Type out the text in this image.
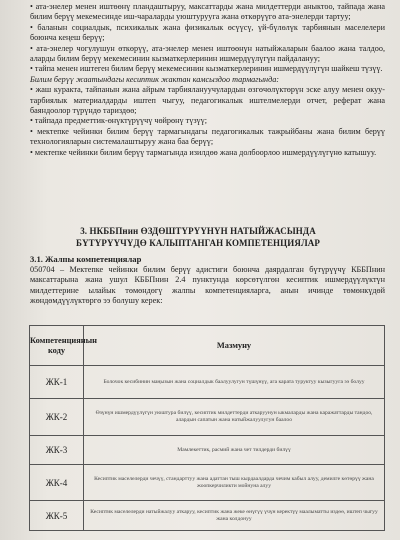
• ата-энелер менен иштөөнү пландаштыруу, максаттарды жана милдеттерди аныктоо, тайпада жана билим берүү мекемесинде иш-чараларды уюштурууга жана өткөрүүгө ата-энелерди тартуу;

• баланын социалдык, психикалык жана физикалык өсүүсү, үй-бүлөлүк тарбиянын маселелери боюнча кеңеш берүү;

• ата-энелер чогулушун өткөрүү, ата-энелер менен иштөөнүн натыйжаларын баалоо жана талдоо, аларды билим берүү мекемесинин кызматкерлеринин ишмердүүлүгүн пайдалануу;

• тайпа менен иштеген билим берүү мекемесинин кызматкерлеринин ишмердүүлүгүн шайкеш түзүү.

Билим берүү жаатындагы кесиптик жактан камсыздоо тармагында:

• жаш куракта, тайпанын жана айрым тарбиялануучулардын өзгөчөлүктөрүн эске алуу менен окуу-тарбиялык материалдарды иштеп чыгуу, педагогикалык иштелмелерди отчет, реферат жана баяндоолор түрүндө тариздөө;

• тайпада предметтик-өнүктүрүүчү чөйрөнү түзүү;

• мектепке чейинки билим берүү тармагындагы педагогикалык тажрыйбаны жана билим берүү технологияларын системалаштыруу жана баа берүү;

• мектепке чейинки билим берүү тармагында изилдөө жана долбоорлоо ишмердүүлүгүнө катышуу.

3. НКББПнин ӨЗДӨШТҮРҮҮНҮН НАТЫЙЖАСЫНДА
БҮТҮРҮҮЧҮДӨ КАЛЫПТАНГАН КОМПЕТЕНЦИЯЛАР
3.1. Жалпы компетенциялар
050704 – Мектепке чейинки билим берүү адистиги боюнча даярдалган бүтүрүүчү КББПнин максаттарына жана ушул КББПнин 2.4 пунктунда көрсөтүлгөн кесиптик ишмердүүлүктүн милдеттерине ылайык төмөндөгү жалпы компетенцияларга, анын ичинде төмөнкүдөй жөндөмдүүлүктөргө ээ болушу керек:
Компетенциянын коду	Мазмуну
ЖК-1	Болочок кесибинин маңызын жана социалдык баалуулугун түшүнүү, ага карата туруктуу кызыгууга ээ болуу
ЖК-2	Өзүнүн ишмердүүлүгүн уюштура билүү, кесиптик милдеттерди аткаруунун ыкмаларды жана каражаттарды тандоо, алардын сапатын жана натыйжалуулугун баалоо
ЖК-3	Мамлекеттик, расмий жана чет тилдерди билүү
ЖК-4	Кесиптик маселелерди чечүү, стандарттуу жана адаттан тыш кырдаалдарда чечим кабыл алуу, демилге көтөрүү жана жоопкерчиликти мойнуна алуу
ЖК-5	Кесиптик маселелерди натыйжалуу аткаруу, кесиптик жана жеке өнүгүү үчүн керектүү маалыматты издөө, иштеп чыгуу жана колдонуу
